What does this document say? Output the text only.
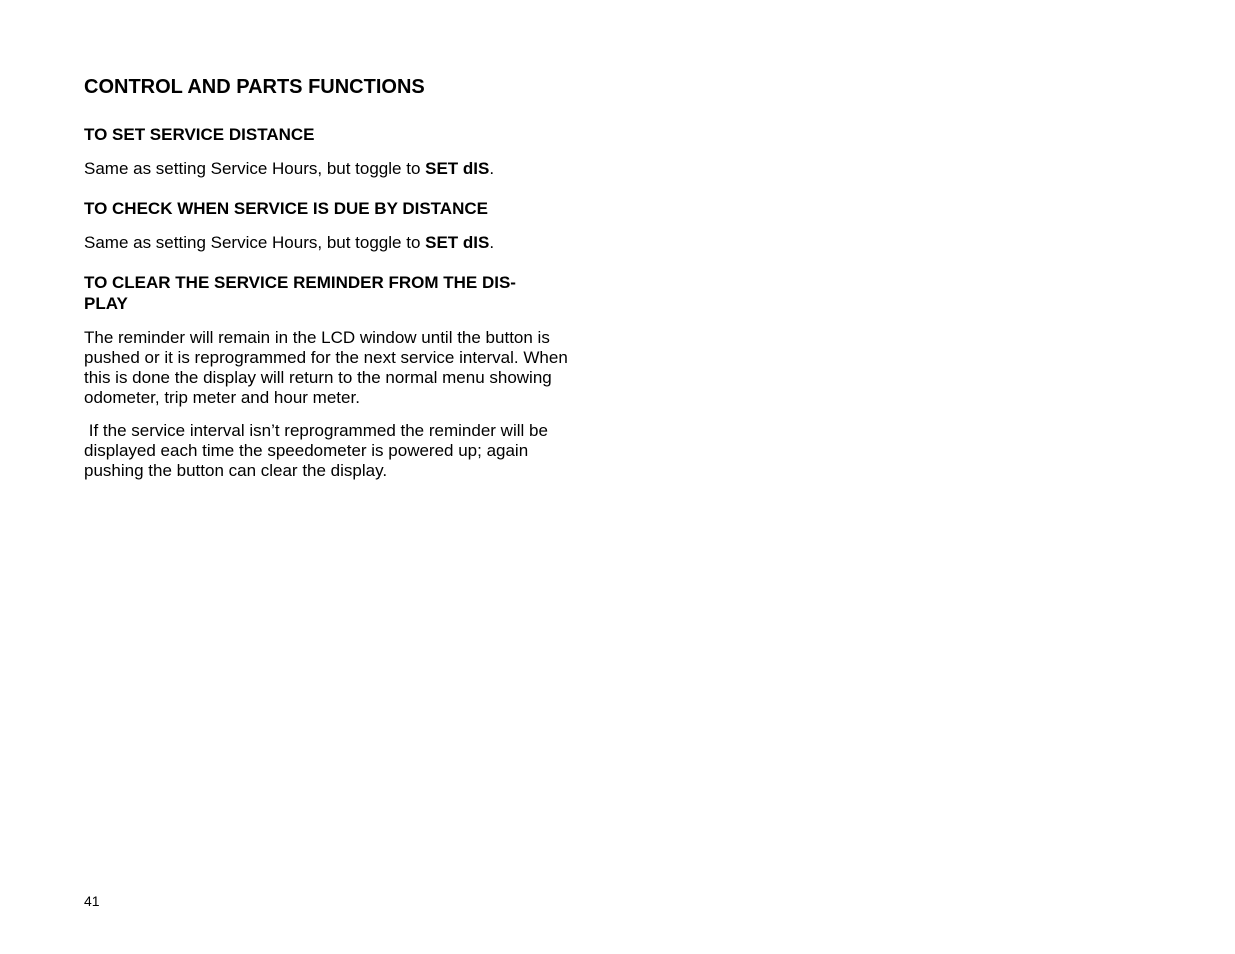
CONTROL AND PARTS FUNCTIONS
TO SET SERVICE DISTANCE

Same as setting Service Hours, but toggle to SET dIS.

TO CHECK WHEN SERVICE IS DUE BY DISTANCE

Same as setting Service Hours, but toggle to SET dIS.

TO CLEAR THE SERVICE REMINDER FROM THE DIS-
PLAY

The reminder will remain in the LCD window until the button is
pushed or it is reprogrammed for the next service interval. When
this is done the display will return to the normal menu showing
odometer, trip meter and hour meter.

If the service interval isn’t reprogrammed the reminder will be
displayed each time the speedometer is powered up; again
pushing the button can clear the display.

41
